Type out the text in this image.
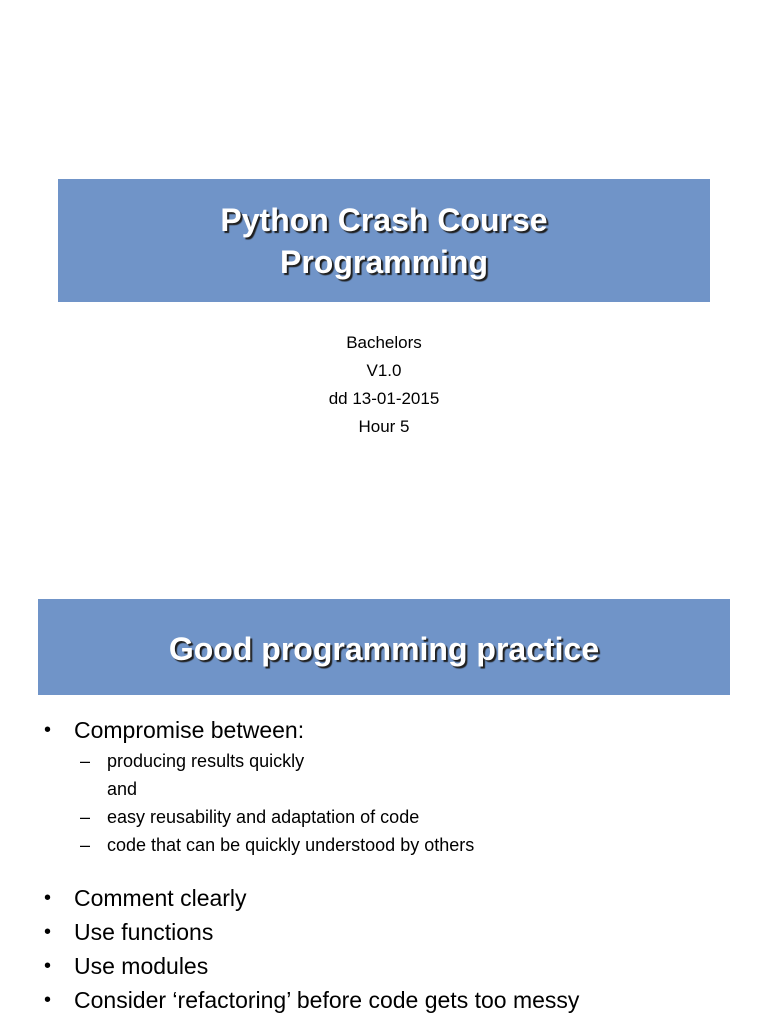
Python Crash Course
Programming
Bachelors
V1.0
dd 13-01-2015
Hour 5
Good programming practice
• Compromise between:
– producing results quickly
and
– easy reusability and adaptation of code
– code that can be quickly understood by others
• Comment clearly
• Use functions
• Use modules
• Consider ‘refactoring’ before code gets too messy
